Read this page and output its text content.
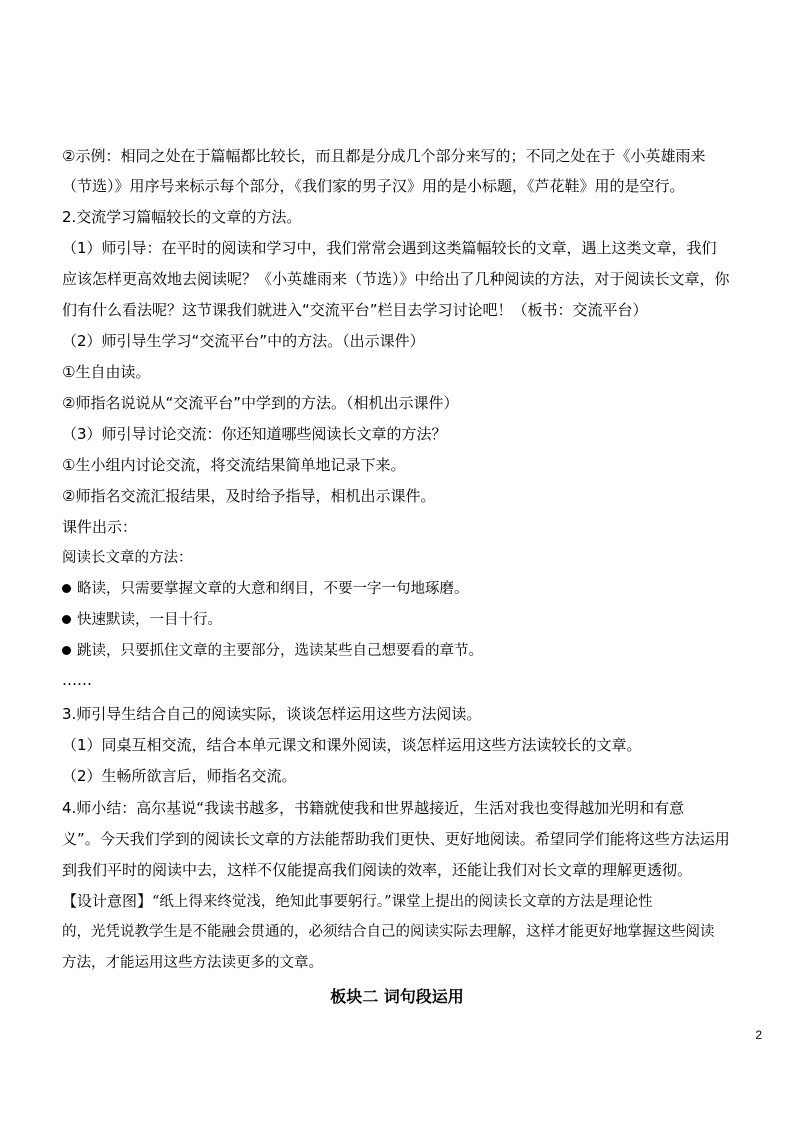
②示例：相同之处在于篇幅都比较长，而且都是分成几个部分来写的；不同之处在于《小英雄雨来
（节选）》用序号来标示每个部分，《我们家的男子汉》用的是小标题，《芦花鞋》用的是空行。
2.交流学习篇幅较长的文章的方法。
（1）师引导：在平时的阅读和学习中，我们常常会遇到这类篇幅较长的文章，遇上这类文章，我们
应该怎样更高效地去阅读呢？《小英雄雨来（节选）》中给出了几种阅读的方法，对于阅读长文章，你
们有什么看法呢？这节课我们就进入“交流平台”栏目去学习讨论吧！（板书：交流平台）
（2）师引导生学习“交流平台”中的方法。（出示课件）
①生自由读。
②师指名说说从“交流平台”中学到的方法。（相机出示课件）
（3）师引导讨论交流：你还知道哪些阅读长文章的方法？
①生小组内讨论交流，将交流结果简单地记录下来。
②师指名交流汇报结果，及时给予指导，相机出示课件。
课件出示：
阅读长文章的方法：
略读，只需要掌握文章的大意和纲目，不要一字一句地琢磨。
快速默读，一目十行。
跳读，只要抓住文章的主要部分，选读某些自己想要看的章节。
……
3.师引导生结合自己的阅读实际，谈谈怎样运用这些方法阅读。
（1）同桌互相交流，结合本单元课文和课外阅读，谈怎样运用这些方法读较长的文章。
（2）生畅所欲言后，师指名交流。
4.师小结：高尔基说“我读书越多，书籍就使我和世界越接近，生活对我也变得越加光明和有意
义”。今天我们学到的阅读长文章的方法能帮助我们更快、更好地阅读。希望同学们能将这些方法运用
到我们平时的阅读中去，这样不仅能提高我们阅读的效率，还能让我们对长文章的理解更透彻。
【设计意图】“纸上得来终觉浅，绝知此事要躬行。”课堂上提出的阅读长文章的方法是理论性
的，光凭说教学生是不能融会贯通的，必须结合自己的阅读实际去理解，这样才能更好地掌握这些阅读
方法，才能运用这些方法读更多的文章。
板块二 词句段运用
2
